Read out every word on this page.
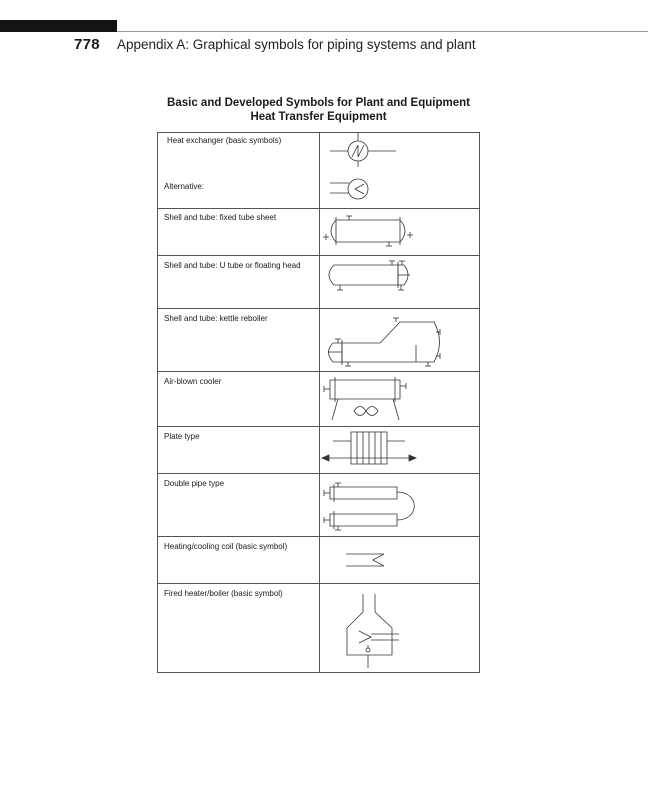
778 Appendix A: Graphical symbols for piping systems and plant
Basic and Developed Symbols for Plant and Equipment
Heat Transfer Equipment
Heat exchanger (basic symbols)
Alternative:
Shell and tube: fixed tube sheet
Shell and tube: U tube or floating head
Shell and tube: kettle reboiler
Air-blown cooler
Plate type
Double pipe type
Heating/cooling coil (basic symbol)
Fired heater/boiler (basic symbol)
